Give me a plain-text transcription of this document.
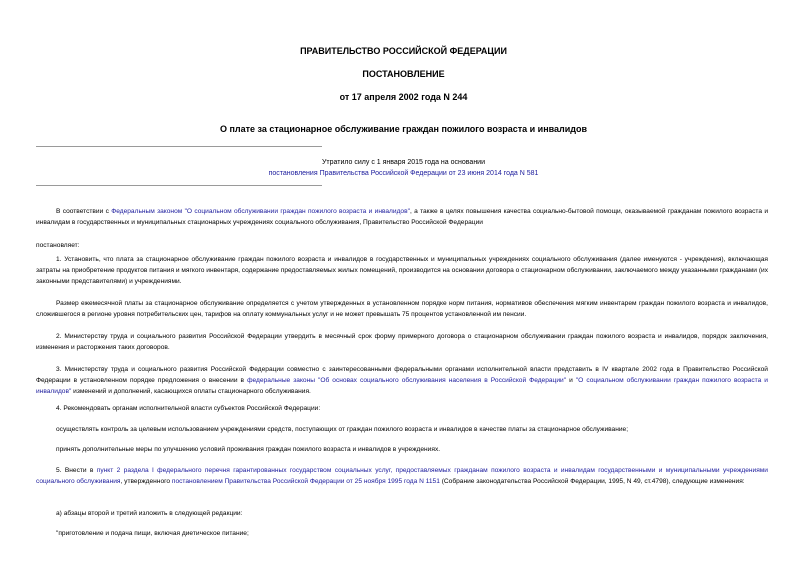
ПРАВИТЕЛЬСТВО РОССИЙСКОЙ ФЕДЕРАЦИИ
ПОСТАНОВЛЕНИЕ
от 17 апреля 2002 года N 244
О плате за стационарное обслуживание граждан пожилого возраста и инвалидов
Утратило силу с 1 января 2015 года на основании
постановления Правительства Российской Федерации от 23 июня 2014 года N 581
В соответствии с Федеральным законом "О социальном обслуживании граждан пожилого возраста и инвалидов", а также в целях повышения качества социально-бытовой помощи, оказываемой гражданам пожилого возраста и инвалидам в государственных и муниципальных стационарных учреждениях социального обслуживания, Правительство Российской Федерации
постановляет:
1. Установить, что плата за стационарное обслуживание граждан пожилого возраста и инвалидов в государственных и муниципальных учреждениях социального обслуживания (далее именуются - учреждения), включающая затраты на приобретение продуктов питания и мягкого инвентаря, содержание предоставляемых жилых помещений, производится на основании договора о стационарном обслуживании, заключаемого между указанными гражданами (их законными представителями) и учреждениями.
Размер ежемесячной платы за стационарное обслуживание определяется с учетом утвержденных в установленном порядке норм питания, нормативов обеспечения мягким инвентарем граждан пожилого возраста и инвалидов, сложившегося в регионе уровня потребительских цен, тарифов на оплату коммунальных услуг и не может превышать 75 процентов установленной им пенсии.
2. Министерству труда и социального развития Российской Федерации утвердить в месячный срок форму примерного договора о стационарном обслуживании граждан пожилого возраста и инвалидов, порядок заключения, изменения и расторжения таких договоров.
3. Министерству труда и социального развития Российской Федерации совместно с заинтересованными федеральными органами исполнительной власти представить в IV квартале 2002 года в Правительство Российской Федерации в установленном порядке предложения о внесении в федеральные законы "Об основах социального обслуживания населения в Российской Федерации" и "О социальном обслуживании граждан пожилого возраста и инвалидов" изменений и дополнений, касающихся оплаты стационарного обслуживания.
4. Рекомендовать органам исполнительной власти субъектов Российской Федерации:
осуществлять контроль за целевым использованием учреждениями средств, поступающих от граждан пожилого возраста и инвалидов в качестве платы за стационарное обслуживание;
принять дополнительные меры по улучшению условий проживания граждан пожилого возраста и инвалидов в учреждениях.
5. Внести в пункт 2 раздела I федерального перечня гарантированных государством социальных услуг, предоставляемых гражданам пожилого возраста и инвалидам государственными и муниципальными учреждениями социального обслуживания, утвержденного постановлением Правительства Российской Федерации от 25 ноября 1995 года N 1151 (Собрание законодательства Российской Федерации, 1995, N 49, ст.4798), следующие изменения:
а) абзацы второй и третий изложить в следующей редакции:
"приготовление и подача пищи, включая диетическое питание;
